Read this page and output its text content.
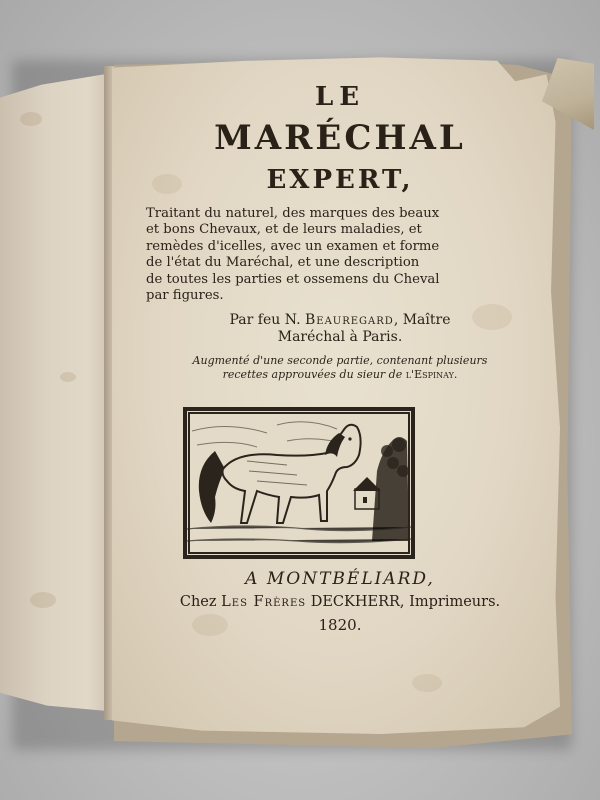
LE
MARÉCHAL
EXPERT,
Traitant du naturel, des marques des beaux
et bons Chevaux, et de leurs maladies, et
remèdes d'icelles, avec un examen et forme
de l'état du Maréchal, et une description
de toutes les parties et ossemens du Cheval
par figures.
Par feu N. Beauregard, Maître
Maréchal à Paris.
Augmenté d'une seconde partie, contenant plusieurs
recettes approuvées du sieur de l'Espinay.
A MONTBÉLIARD,
Chez Les Frères DECKHERR, Imprimeurs.
1820.
